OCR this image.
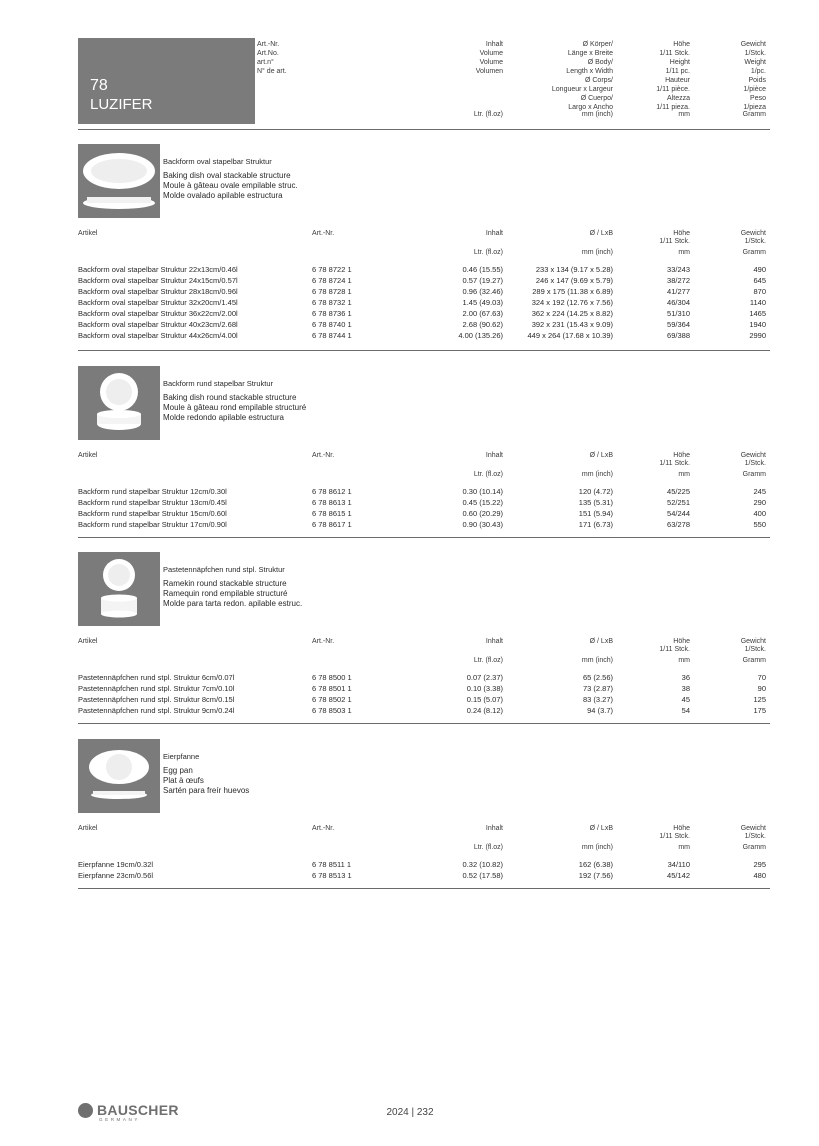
78
LUZIFER
Art.-Nr.
Art.No.
art.n°
N° de art.
Inhalt
Volume
Volume
Volumen
Ø Körper/
Länge x Breite
Ø Body/
Length x Width
Ø Corps/
Longueur x Largeur
Ø Cuerpo/
Largo x Ancho
Höhe
1/11 Stck.
Height
1/11 pc.
Hauteur
1/11 pièce.
Altezza
1/11 pieza.
Gewicht
1/Stck.
Weight
1/pc.
Poids
1/pièce
Peso
1/pieza
Ltr. (fl.oz)	mm (inch)	mm	Gramm
Backform oval stapelbar Struktur
Baking dish oval stackable structure
Moule à gâteau ovale empilable struc.
Molde ovalado apilable estructura
Artikel	Art.-Nr.	Inhalt	Ø / LxB	Höhe
1/11 Stck.
Gewicht
1/Stck.
Ltr. (fl.oz)	mm (inch)	mm	Gramm
Backform oval stapelbar Struktur 22x13cm/0.46l	6 78 8722 1	0.46 (15.55)	233 x 134 (9.17 x 5.28)	33/243	490
Backform oval stapelbar Struktur 24x15cm/0.57l	6 78 8724 1	0.57 (19.27)	246 x 147 (9.69 x 5.79)	38/272	645
Backform oval stapelbar Struktur 28x18cm/0.96l	6 78 8728 1	0.96 (32.46)	289 x 175 (11.38 x 6.89)	41/277	870
Backform oval stapelbar Struktur 32x20cm/1.45l	6 78 8732 1	1.45 (49.03)	324 x 192 (12.76 x 7.56)	46/304	1140
Backform oval stapelbar Struktur 36x22cm/2.00l	6 78 8736 1	2.00 (67.63)	362 x 224 (14.25 x 8.82)	51/310	1465
Backform oval stapelbar Struktur 40x23cm/2.68l	6 78 8740 1	2.68 (90.62)	392 x 231 (15.43 x 9.09)	59/364	1940
Backform oval stapelbar Struktur 44x26cm/4.00l	6 78 8744 1	4.00 (135.26)	449 x 264 (17.68 x 10.39)	69/388	2990
Backform rund stapelbar Struktur
Baking dish round stackable structure
Moule à gâteau rond empilable structuré
Molde redondo apilable estructura
Artikel	Art.-Nr.	Inhalt	Ø / LxB	Höhe
1/11 Stck.
Gewicht
1/Stck.
Ltr. (fl.oz)	mm (inch)	mm	Gramm
Backform rund stapelbar Struktur 12cm/0.30l	6 78 8612 1	0.30 (10.14)	120 (4.72)	45/225	245
Backform rund stapelbar Struktur 13cm/0.45l	6 78 8613 1	0.45 (15.22)	135 (5.31)	52/251	290
Backform rund stapelbar Struktur 15cm/0.60l	6 78 8615 1	0.60 (20.29)	151 (5.94)	54/244	400
Backform rund stapelbar Struktur 17cm/0.90l	6 78 8617 1	0.90 (30.43)	171 (6.73)	63/278	550
Pastetennäpfchen rund stpl. Struktur
Ramekin round stackable structure
Ramequin rond empilable structuré
Molde para tarta redon. apilable estruc.
Artikel	Art.-Nr.	Inhalt	Ø / LxB	Höhe
1/11 Stck.
Gewicht
1/Stck.
Ltr. (fl.oz)	mm (inch)	mm	Gramm
Pastetennäpfchen rund stpl. Struktur 6cm/0.07l	6 78 8500 1	0.07 (2.37)	65 (2.56)	36	70
Pastetennäpfchen rund stpl. Struktur 7cm/0.10l	6 78 8501 1	0.10 (3.38)	73 (2.87)	38	90
Pastetennäpfchen rund stpl. Struktur 8cm/0.15l	6 78 8502 1	0.15 (5.07)	83 (3.27)	45	125
Pastetennäpfchen rund stpl. Struktur 9cm/0.24l	6 78 8503 1	0.24 (8.12)	94 (3.7)	54	175
Eierpfanne
Egg pan
Plat à œufs
Sartén para freír huevos
Artikel	Art.-Nr.	Inhalt	Ø / LxB	Höhe
1/11 Stck.
Gewicht
1/Stck.
Ltr. (fl.oz)	mm (inch)	mm	Gramm
Eierpfanne 19cm/0.32l	6 78 8511 1	0.32 (10.82)	162 (6.38)	34/110	295
Eierpfanne 23cm/0.56l	6 78 8513 1	0.52 (17.58)	192 (7.56)	45/142	480
BAUSCHER
GERMANY
2024 | 232
